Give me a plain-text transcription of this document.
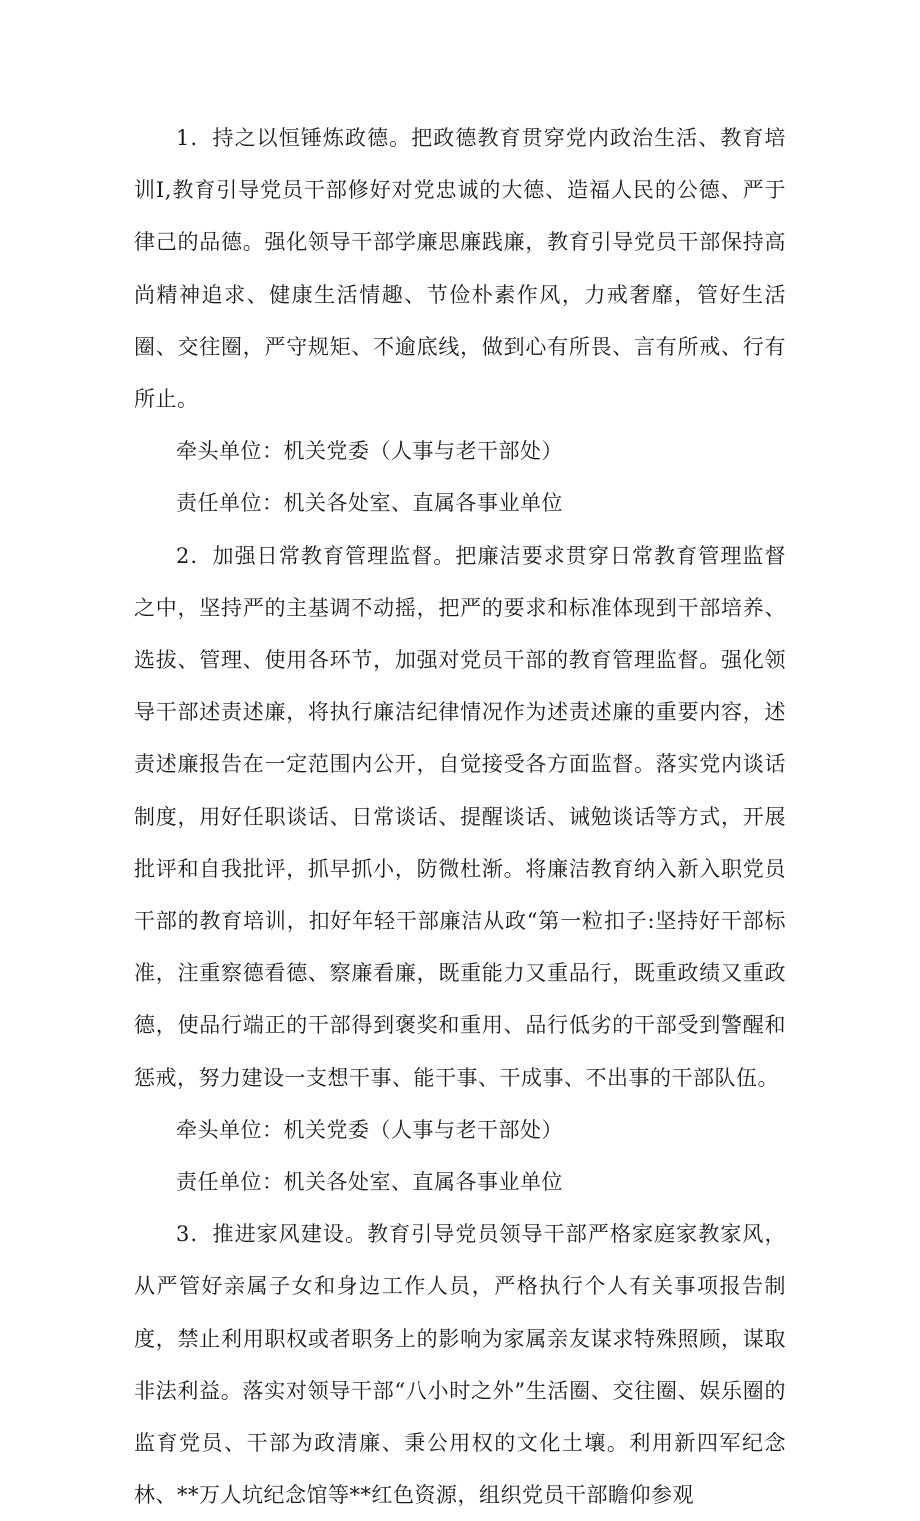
1．持之以恒锤炼政德。把政德教育贯穿党内政治生活、教育培训I,教育引导党员干部修好对党忠诚的大德、造福人民的公德、严于律己的品德。强化领导干部学廉思廉践廉，教育引导党员干部保持高尚精神追求、健康生活情趣、节俭朴素作风，力戒奢靡，管好生活圈、交往圈，严守规矩、不逾底线，做到心有所畏、言有所戒、行有所止。

牵头单位：机关党委（人事与老干部处）

责任单位：机关各处室、直属各事业单位

2．加强日常教育管理监督。把廉洁要求贯穿日常教育管理监督之中，坚持严的主基调不动摇，把严的要求和标准体现到干部培养、选拔、管理、使用各环节，加强对党员干部的教育管理监督。强化领导干部述责述廉，将执行廉洁纪律情况作为述责述廉的重要内容，述责述廉报告在一定范围内公开，自觉接受各方面监督。落实党内谈话制度，用好任职谈话、日常谈话、提醒谈话、诫勉谈话等方式，开展批评和自我批评，抓早抓小，防微杜渐。将廉洁教育纳入新入职党员干部的教育培训，扣好年轻干部廉洁从政“第一粒扣子:坚持好干部标准，注重察德看德、察廉看廉，既重能力又重品行，既重政绩又重政德，使品行端正的干部得到褒奖和重用、品行低劣的干部受到警醒和惩戒，努力建设一支想干事、能干事、干成事、不出事的干部队伍。

牵头单位：机关党委（人事与老干部处）

责任单位：机关各处室、直属各事业单位

3．推进家风建设。教育引导党员领导干部严格家庭家教家风，从严管好亲属子女和身边工作人员，严格执行个人有关事项报告制度，禁止利用职权或者职务上的影响为家属亲友谋求特殊照顾，谋取非法利益。落实对领导干部“八小时之外”生活圈、交往圈、娱乐圈的监育党员、干部为政清廉、秉公用权的文化土壤。利用新四军纪念林、**万人坑纪念馆等**红色资源，组织党员干部瞻仰参观
